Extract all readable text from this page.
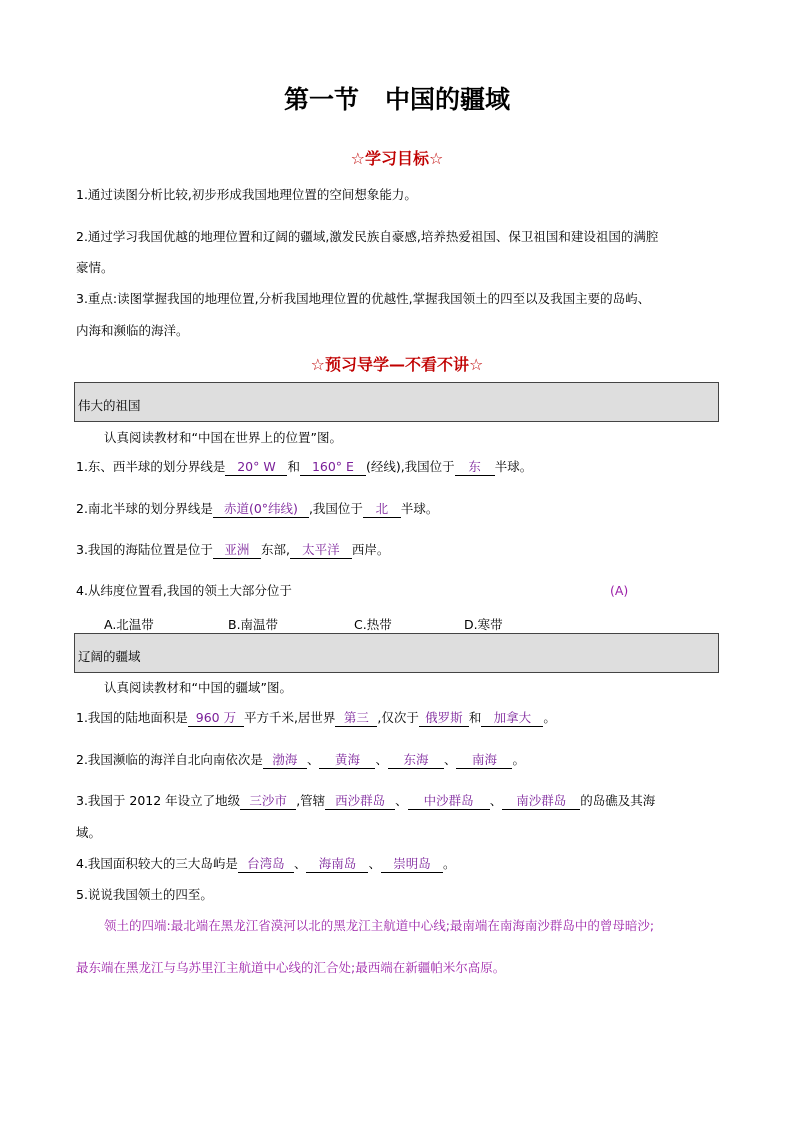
第一节 中国的疆域
☆学习目标☆
1.通过读图分析比较,初步形成我国地理位置的空间想象能力。
2.通过学习我国优越的地理位置和辽阔的疆域,激发民族自豪感,培养热爱祖国、保卫祖国和建设祖国的满腔
豪情。
3.重点:读图掌握我国的地理位置,分析我国地理位置的优越性,掌握我国领土的四至以及我国主要的岛屿、
内海和濒临的海洋。
☆预习导学—不看不讲☆
伟大的祖国
认真阅读教材和“中国在世界上的位置”图。
1.东、西半球的划分界线是 20° W 和 160° E (经线),我国位于 东 半球。
2.南北半球的划分界线是 赤道(0°纬线) ,我国位于 北 半球。
3.我国的海陆位置是位于 亚洲 东部, 太平洋 西岸。
4.从纬度位置看,我国的领土大部分位于	(A)
A.北温带	B.南温带	C.热带	D.寒带
辽阔的疆域
认真阅读教材和“中国的疆域”图。
1.我国的陆地面积是 960 万 平方千米,居世界 第三 ,仅次于 俄罗斯 和 加拿大 。
2.我国濒临的海洋自北向南依次是 渤海 、 黄海 、 东海 、 南海 。
3.我国于 2012 年设立了地级 三沙市 ,管辖 西沙群岛 、 中沙群岛 、 南沙群岛 的岛礁及其海
域。
4.我国面积较大的三大岛屿是 台湾岛 、 海南岛 、 崇明岛 。
5.说说我国领土的四至。
领土的四端:最北端在黑龙江省漠河以北的黑龙江主航道中心线;最南端在南海南沙群岛中的曾母暗沙;
最东端在黑龙江与乌苏里江主航道中心线的汇合处;最西端在新疆帕米尔高原。
